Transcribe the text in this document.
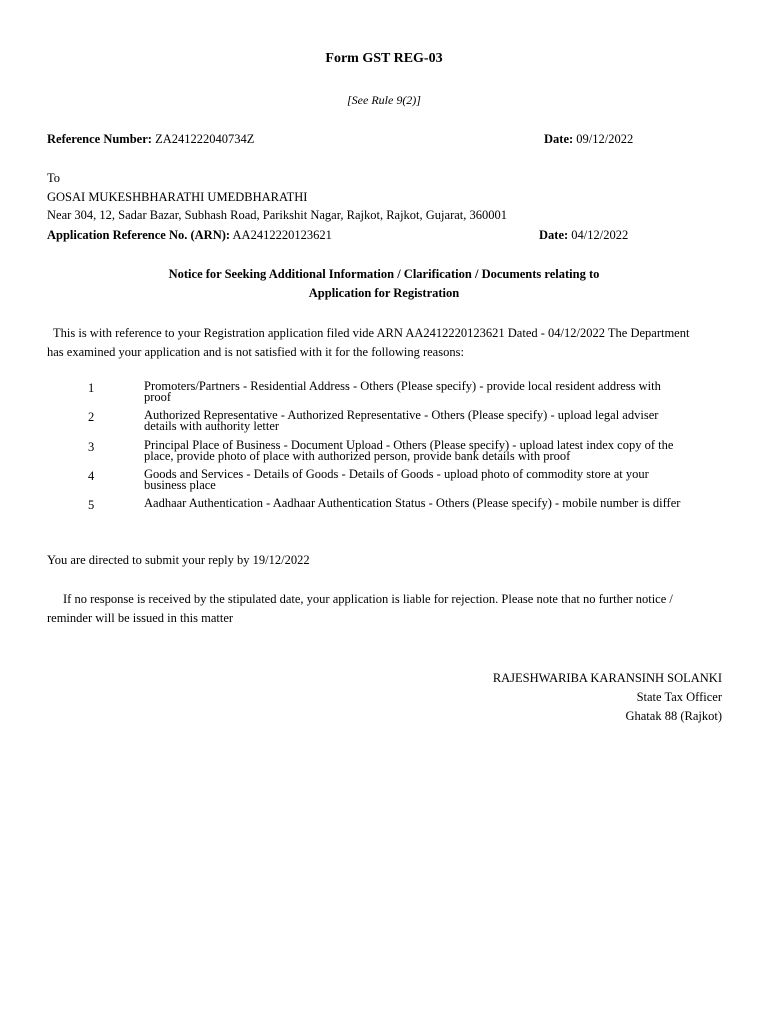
Form GST REG-03
[See Rule 9(2)]
Reference Number: ZA241222040734Z	Date: 09/12/2022
To
GOSAI MUKESHBHARATHI UMEDBHARATHI
Near 304, 12, Sadar Bazar, Subhash Road, Parikshit Nagar, Rajkot, Rajkot, Gujarat, 360001
Application Reference No. (ARN): AA2412220123621	Date: 04/12/2022
Notice for Seeking Additional Information / Clarification / Documents relating to
Application for Registration
This is with reference to your Registration application filed vide ARN AA2412220123621 Dated - 04/12/2022 The Department
has examined your application and is not satisfied with it for the following reasons:
1	Promoters/Partners - Residential Address - Others (Please specify) - provide local resident address with proof
2	Authorized Representative - Authorized Representative - Others (Please specify) - upload legal adviser details with authority letter
3	Principal Place of Business - Document Upload - Others (Please specify) - upload latest index copy of the place, provide photo of place with authorized person, provide bank details with proof
4	Goods and Services - Details of Goods - Details of Goods - upload photo of commodity store at your business place
5	Aadhaar Authentication - Aadhaar Authentication Status - Others (Please specify) - mobile number is differ
You are directed to submit your reply by 19/12/2022
If no response is received by the stipulated date, your application is liable for rejection. Please note that no further notice /
reminder will be issued in this matter
RAJESHWARIBA KARANSINH SOLANKI
State Tax Officer
Ghatak 88 (Rajkot)
